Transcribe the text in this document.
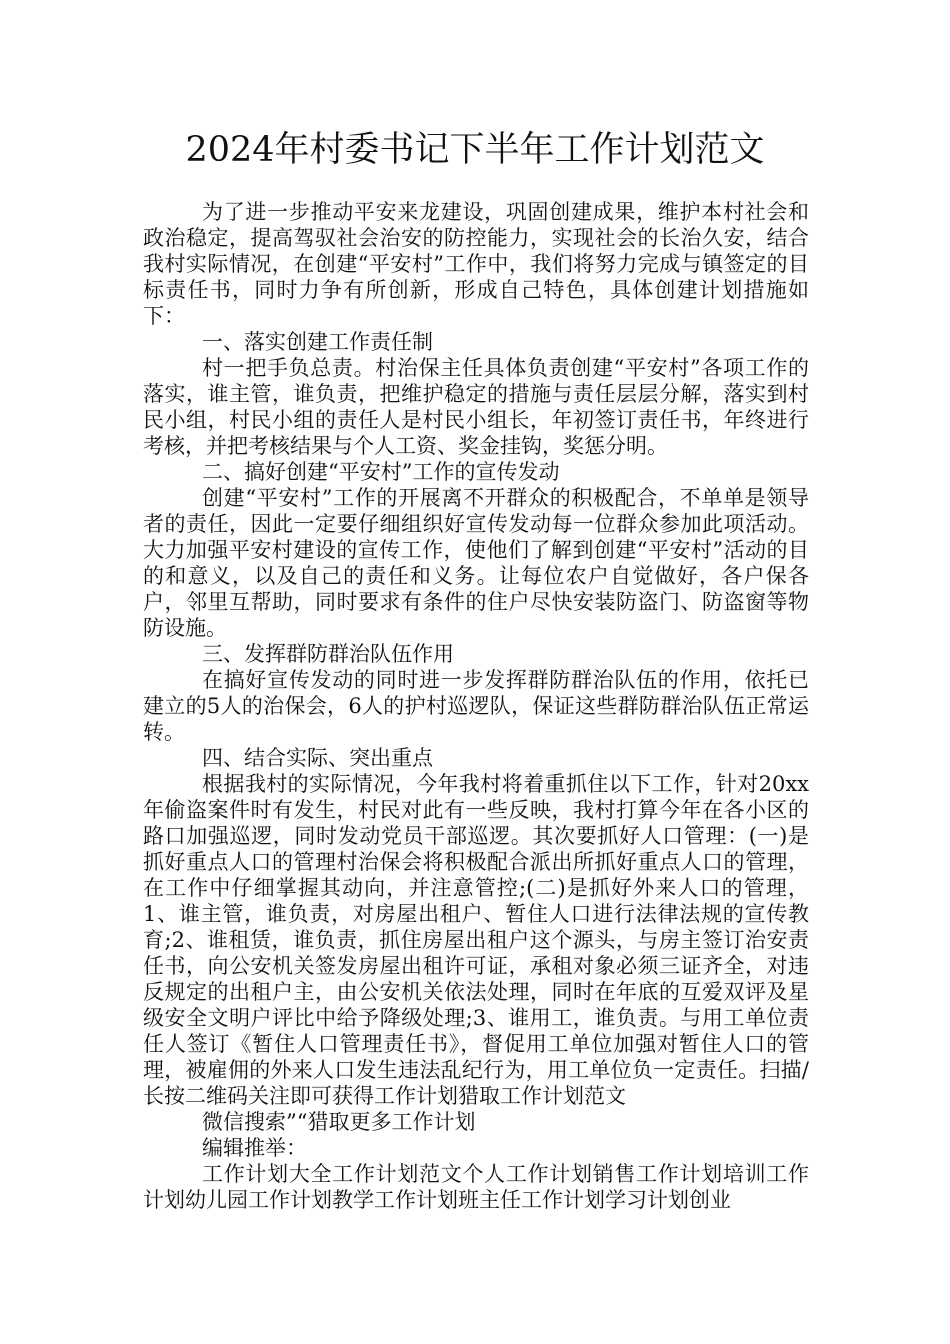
2024年村委书记下半年工作计划范文

为了进一步推动平安来龙建设，巩固创建成果，维护本村社会和政治稳定，提高驾驭社会治安的防控能力，实现社会的长治久安，结合我村实际情况，在创建“平安村”工作中，我们将努力完成与镇签定的目标责任书，同时力争有所创新，形成自己特色，具体创建计划措施如下：

一、落实创建工作责任制

村一把手负总责。村治保主任具体负责创建“平安村”各项工作的落实，谁主管，谁负责，把维护稳定的措施与责任层层分解，落实到村民小组，村民小组的责任人是村民小组长，年初签订责任书，年终进行考核，并把考核结果与个人工资、奖金挂钩，奖惩分明。

二、搞好创建“平安村”工作的宣传发动

创建“平安村”工作的开展离不开群众的积极配合，不单单是领导者的责任，因此一定要仔细组织好宣传发动每一位群众参加此项活动。大力加强平安村建设的宣传工作，使他们了解到创建“平安村”活动的目的和意义，以及自己的责任和义务。让每位农户自觉做好，各户保各户，邻里互帮助，同时要求有条件的住户尽快安装防盗门、防盗窗等物防设施。

三、发挥群防群治队伍作用

在搞好宣传发动的同时进一步发挥群防群治队伍的作用，依托已建立的5人的治保会，6人的护村巡逻队，保证这些群防群治队伍正常运转。

四、结合实际、突出重点

根据我村的实际情况，今年我村将着重抓住以下工作，针对20xx年偷盗案件时有发生，村民对此有一些反映，我村打算今年在各小区的路口加强巡逻，同时发动党员干部巡逻。其次要抓好人口管理：(一)是抓好重点人口的管理村治保会将积极配合派出所抓好重点人口的管理，在工作中仔细掌握其动向，并注意管控;(二)是抓好外来人口的管理，1、谁主管，谁负责，对房屋出租户、暂住人口进行法律法规的宣传教育;2、谁租赁，谁负责，抓住房屋出租户这个源头，与房主签订治安责任书，向公安机关签发房屋出租许可证，承租对象必须三证齐全，对违反规定的出租户主，由公安机关依法处理，同时在年底的互爱双评及星级安全文明户评比中给予降级处理;3、谁用工，谁负责。与用工单位责任人签订《暂住人口管理责任书》，督促用工单位加强对暂住人口的管理，被雇佣的外来人口发生违法乱纪行为，用工单位负一定责任。扫描/长按二维码关注即可获得工作计划猎取工作计划范文

微信搜索”“猎取更多工作计划

编辑推举：

工作计划大全工作计划范文个人工作计划销售工作计划培训工作计划幼儿园工作计划教学工作计划班主任工作计划学习计划创业
